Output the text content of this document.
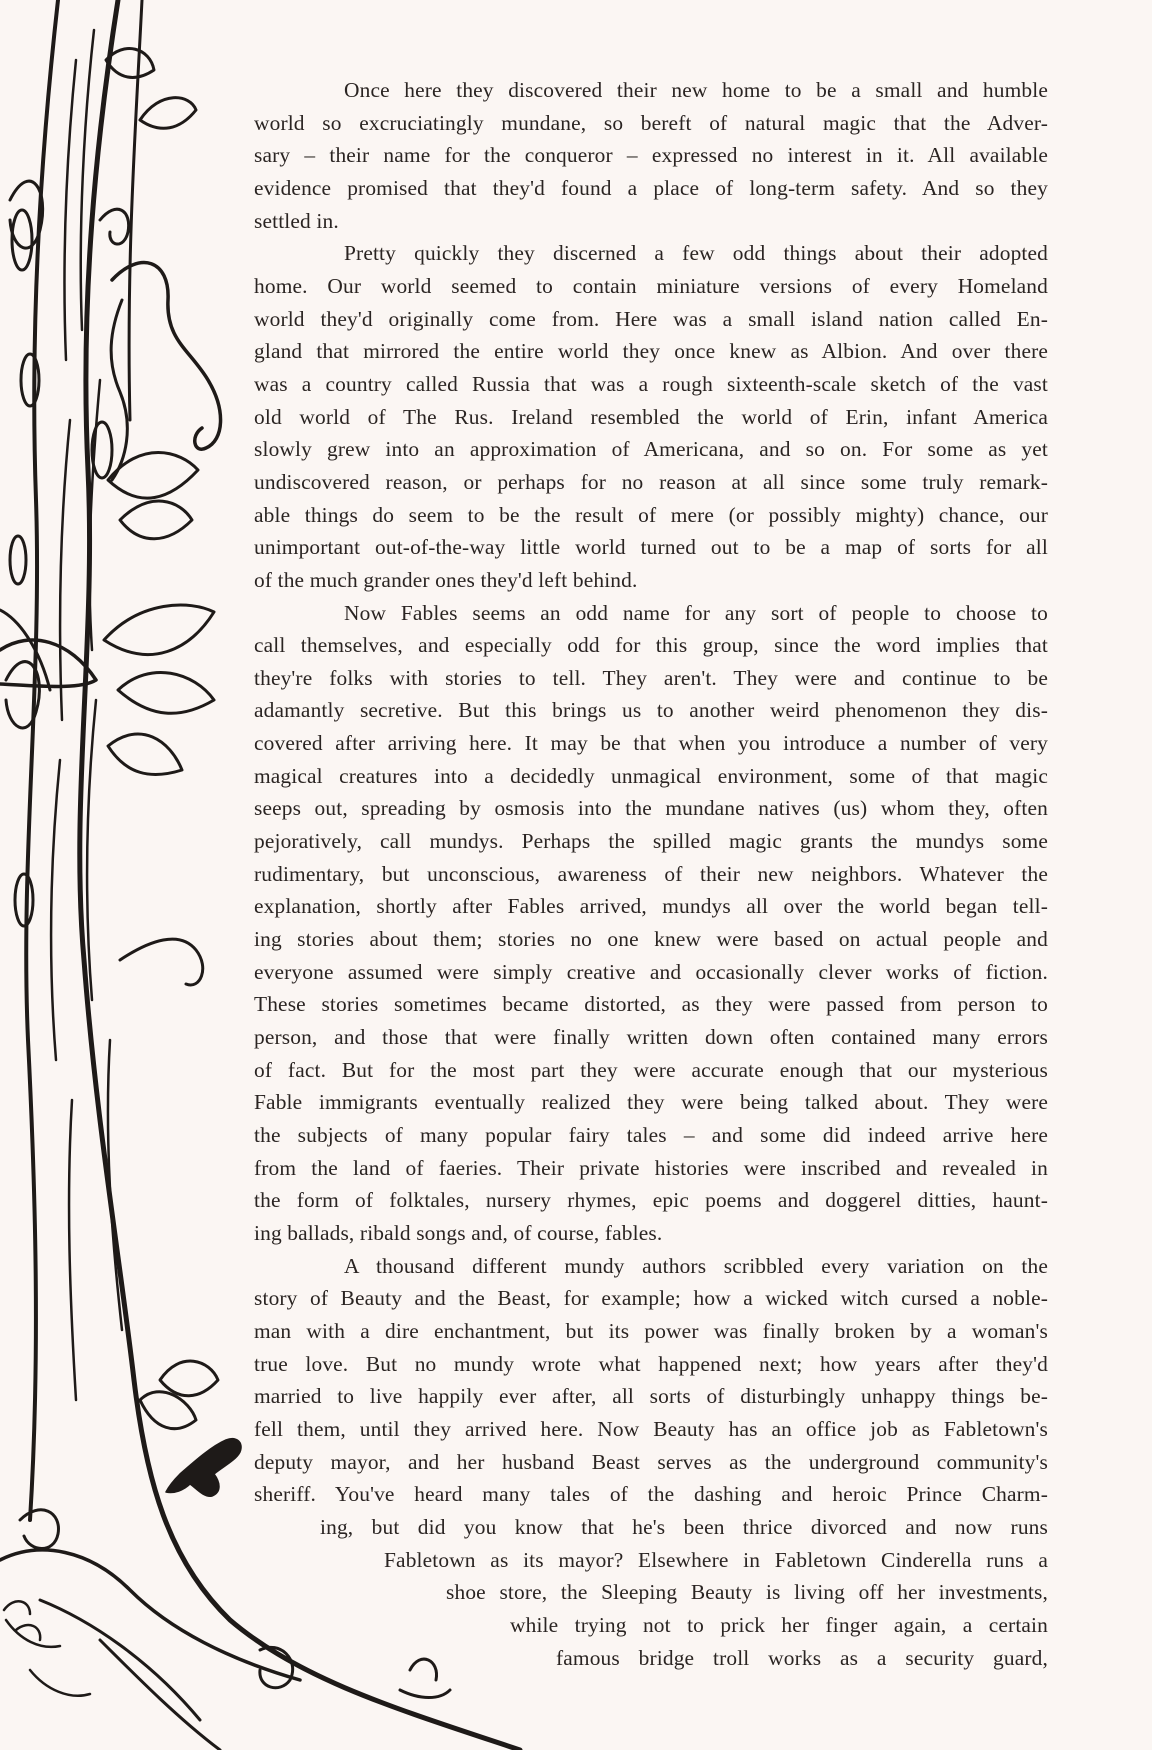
Once here they discovered their new home to be a small and humble
world so excruciatingly mundane, so bereft of natural magic that the Adver-
sary – their name for the conqueror – expressed no interest in it. All available
evidence promised that they'd found a place of long-term safety. And so they
settled in.
Pretty quickly they discerned a few odd things about their adopted
home. Our world seemed to contain miniature versions of every Homeland
world they'd originally come from. Here was a small island nation called En-
gland that mirrored the entire world they once knew as Albion. And over there
was a country called Russia that was a rough sixteenth-scale sketch of the vast
old world of The Rus. Ireland resembled the world of Erin, infant America
slowly grew into an approximation of Americana, and so on. For some as yet
undiscovered reason, or perhaps for no reason at all since some truly remark-
able things do seem to be the result of mere (or possibly mighty) chance, our
unimportant out-of-the-way little world turned out to be a map of sorts for all
of the much grander ones they'd left behind.
Now Fables seems an odd name for any sort of people to choose to
call themselves, and especially odd for this group, since the word implies that
they're folks with stories to tell. They aren't. They were and continue to be
adamantly secretive. But this brings us to another weird phenomenon they dis-
covered after arriving here. It may be that when you introduce a number of very
magical creatures into a decidedly unmagical environment, some of that magic
seeps out, spreading by osmosis into the mundane natives (us) whom they, often
pejoratively, call mundys. Perhaps the spilled magic grants the mundys some
rudimentary, but unconscious, awareness of their new neighbors. Whatever the
explanation, shortly after Fables arrived, mundys all over the world began tell-
ing stories about them; stories no one knew were based on actual people and
everyone assumed were simply creative and occasionally clever works of fiction.
These stories sometimes became distorted, as they were passed from person to
person, and those that were finally written down often contained many errors
of fact. But for the most part they were accurate enough that our mysterious
Fable immigrants eventually realized they were being talked about. They were
the subjects of many popular fairy tales – and some did indeed arrive here
from the land of faeries. Their private histories were inscribed and revealed in
the form of folktales, nursery rhymes, epic poems and doggerel ditties, haunt-
ing ballads, ribald songs and, of course, fables.
A thousand different mundy authors scribbled every variation on the
story of Beauty and the Beast, for example; how a wicked witch cursed a noble-
man with a dire enchantment, but its power was finally broken by a woman's
true love. But no mundy wrote what happened next; how years after they'd
married to live happily ever after, all sorts of disturbingly unhappy things be-
fell them, until they arrived here. Now Beauty has an office job as Fabletown's
deputy mayor, and her husband Beast serves as the underground community's
sheriff. You've heard many tales of the dashing and heroic Prince Charm-
ing, but did you know that he's been thrice divorced and now runs
Fabletown as its mayor? Elsewhere in Fabletown Cinderella runs a
shoe store, the Sleeping Beauty is living off her investments,
while trying not to prick her finger again, a certain
famous bridge troll works as a security guard,
